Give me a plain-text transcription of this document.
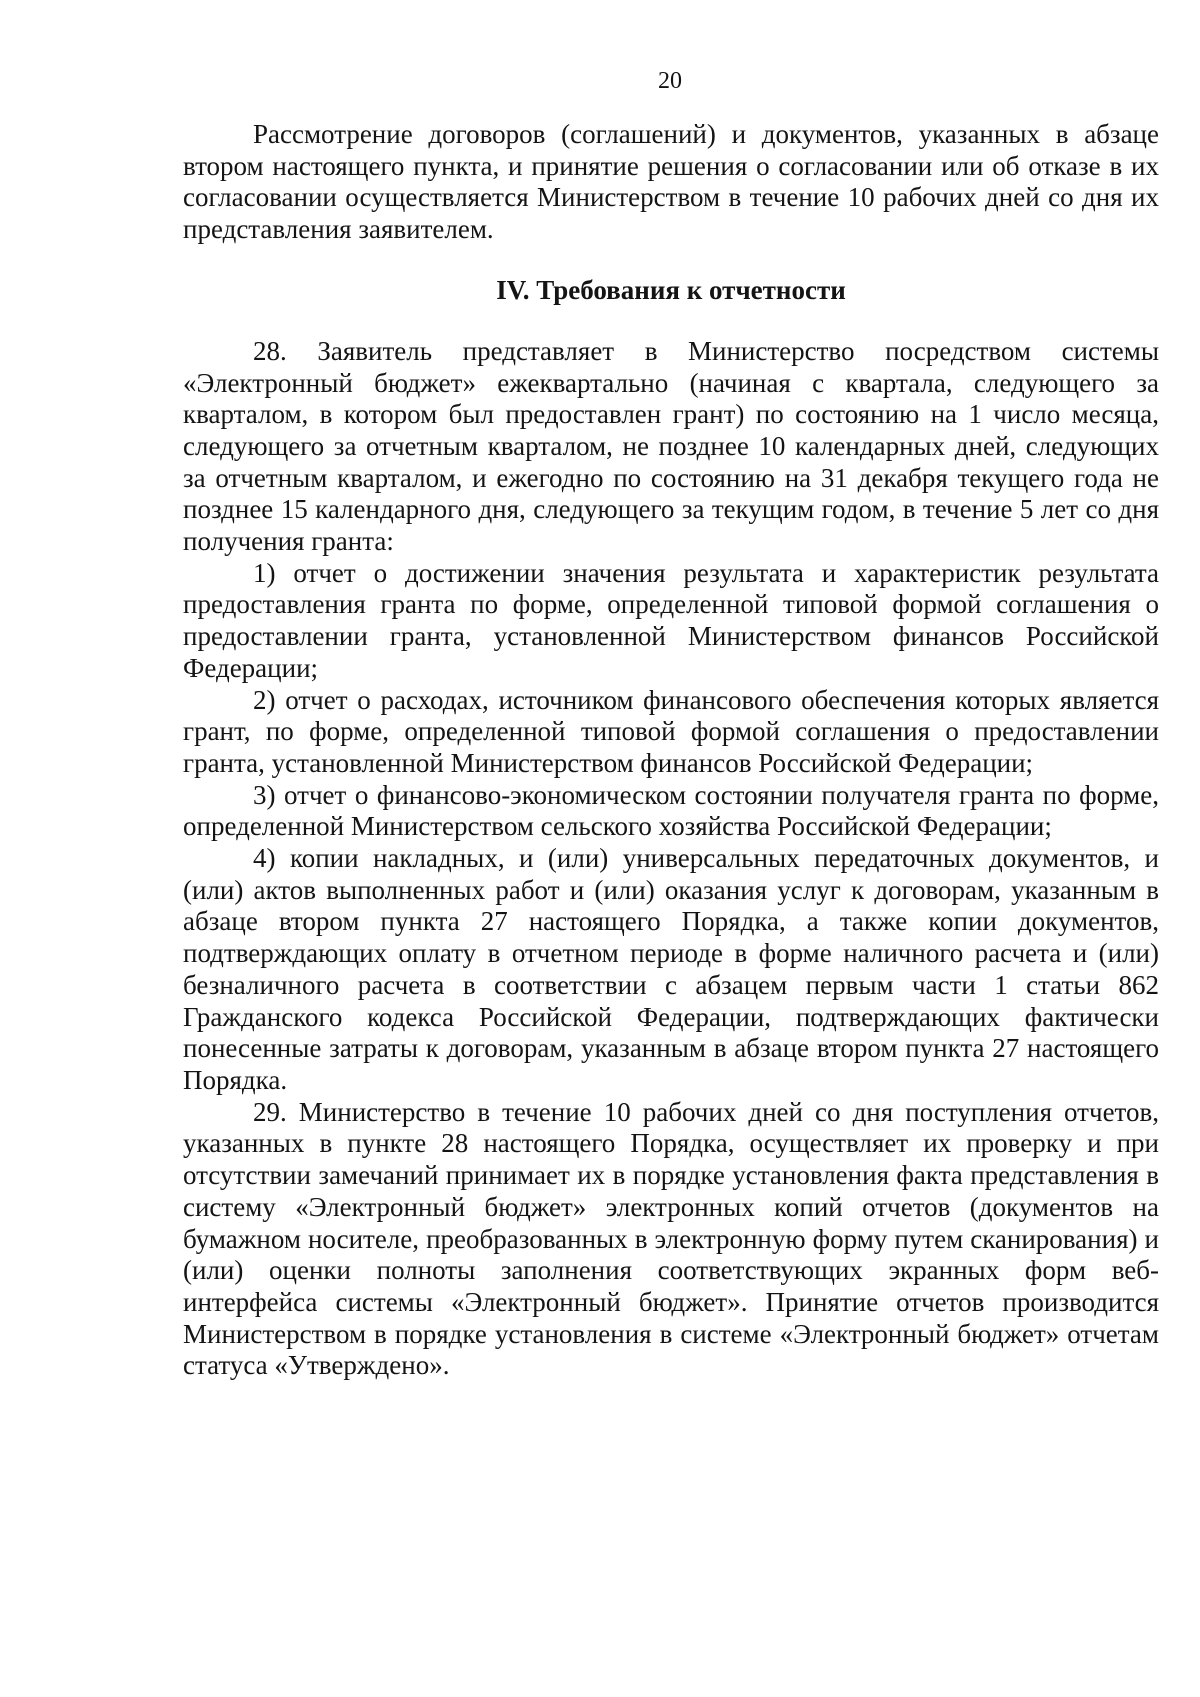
20

Рассмотрение договоров (соглашений) и документов, указанных в абзаце втором настоящего пункта, и принятие решения о согласовании или об отказе в их согласовании осуществляется Министерством в течение 10 рабочих дней со дня их представления заявителем.

IV. Требования к отчетности

28. Заявитель представляет в Министерство посредством системы «Электронный бюджет» ежеквартально (начиная с квартала, следующего за кварталом, в котором был предоставлен грант) по состоянию на 1 число месяца, следующего за отчетным кварталом, не позднее 10 календарных дней, следующих за отчетным кварталом, и ежегодно по состоянию на 31 декабря текущего года не позднее 15 календарного дня, следующего за текущим годом, в течение 5 лет со дня получения гранта:

1) отчет о достижении значения результата и характеристик результата предоставления гранта по форме, определенной типовой формой соглашения о предоставлении гранта, установленной Министерством финансов Российской Федерации;

2) отчет о расходах, источником финансового обеспечения которых является грант, по форме, определенной типовой формой соглашения о предоставлении гранта, установленной Министерством финансов Российской Федерации;

3) отчет о финансово-экономическом состоянии получателя гранта по форме, определенной Министерством сельского хозяйства Российской Федерации;

4) копии накладных, и (или) универсальных передаточных документов, и (или) актов выполненных работ и (или) оказания услуг к договорам, указанным в абзаце втором пункта 27 настоящего Порядка, а также копии документов, подтверждающих оплату в отчетном периоде в форме наличного расчета и (или) безналичного расчета в соответствии с абзацем первым части 1 статьи 862 Гражданского кодекса Российской Федерации, подтверждающих фактически понесенные затраты к договорам, указанным в абзаце втором пункта 27 настоящего Порядка.

29. Министерство в течение 10 рабочих дней со дня поступления отчетов, указанных в пункте 28 настоящего Порядка, осуществляет их проверку и при отсутствии замечаний принимает их в порядке установления факта представления в систему «Электронный бюджет» электронных копий отчетов (документов на бумажном носителе, преобразованных в электронную форму путем сканирования) и (или) оценки полноты заполнения соответствующих экранных форм веб-интерфейса системы «Электронный бюджет». Принятие отчетов производится Министерством в порядке установления в системе «Электронный бюджет» отчетам статуса «Утверждено».
